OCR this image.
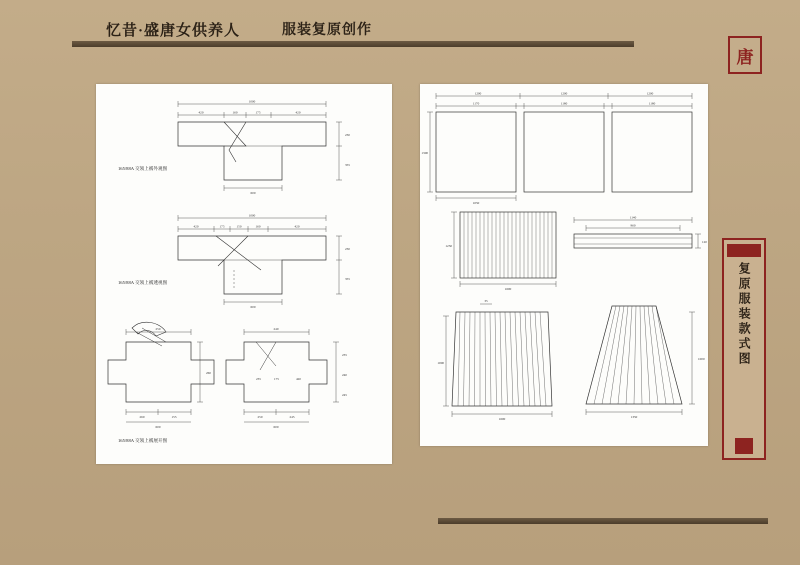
忆昔·盛唐女供养人	服装复原创作
唐
复原服装款式图
1000
420	160	175	420
230
355
600
1000
420	175	150	160	420
230
355
600
250	240
260
235
240
245
260	155	250	245
600	600
235	175	420
165/88A 交领上襦外观图
165/88A 交领上襦透视图
165/88A 交领上襦展开图
1200	1200	1200
1170	1180	1180
1300
1050
1250
1600
1140
960
120
1000
1600
35
1000
1350
